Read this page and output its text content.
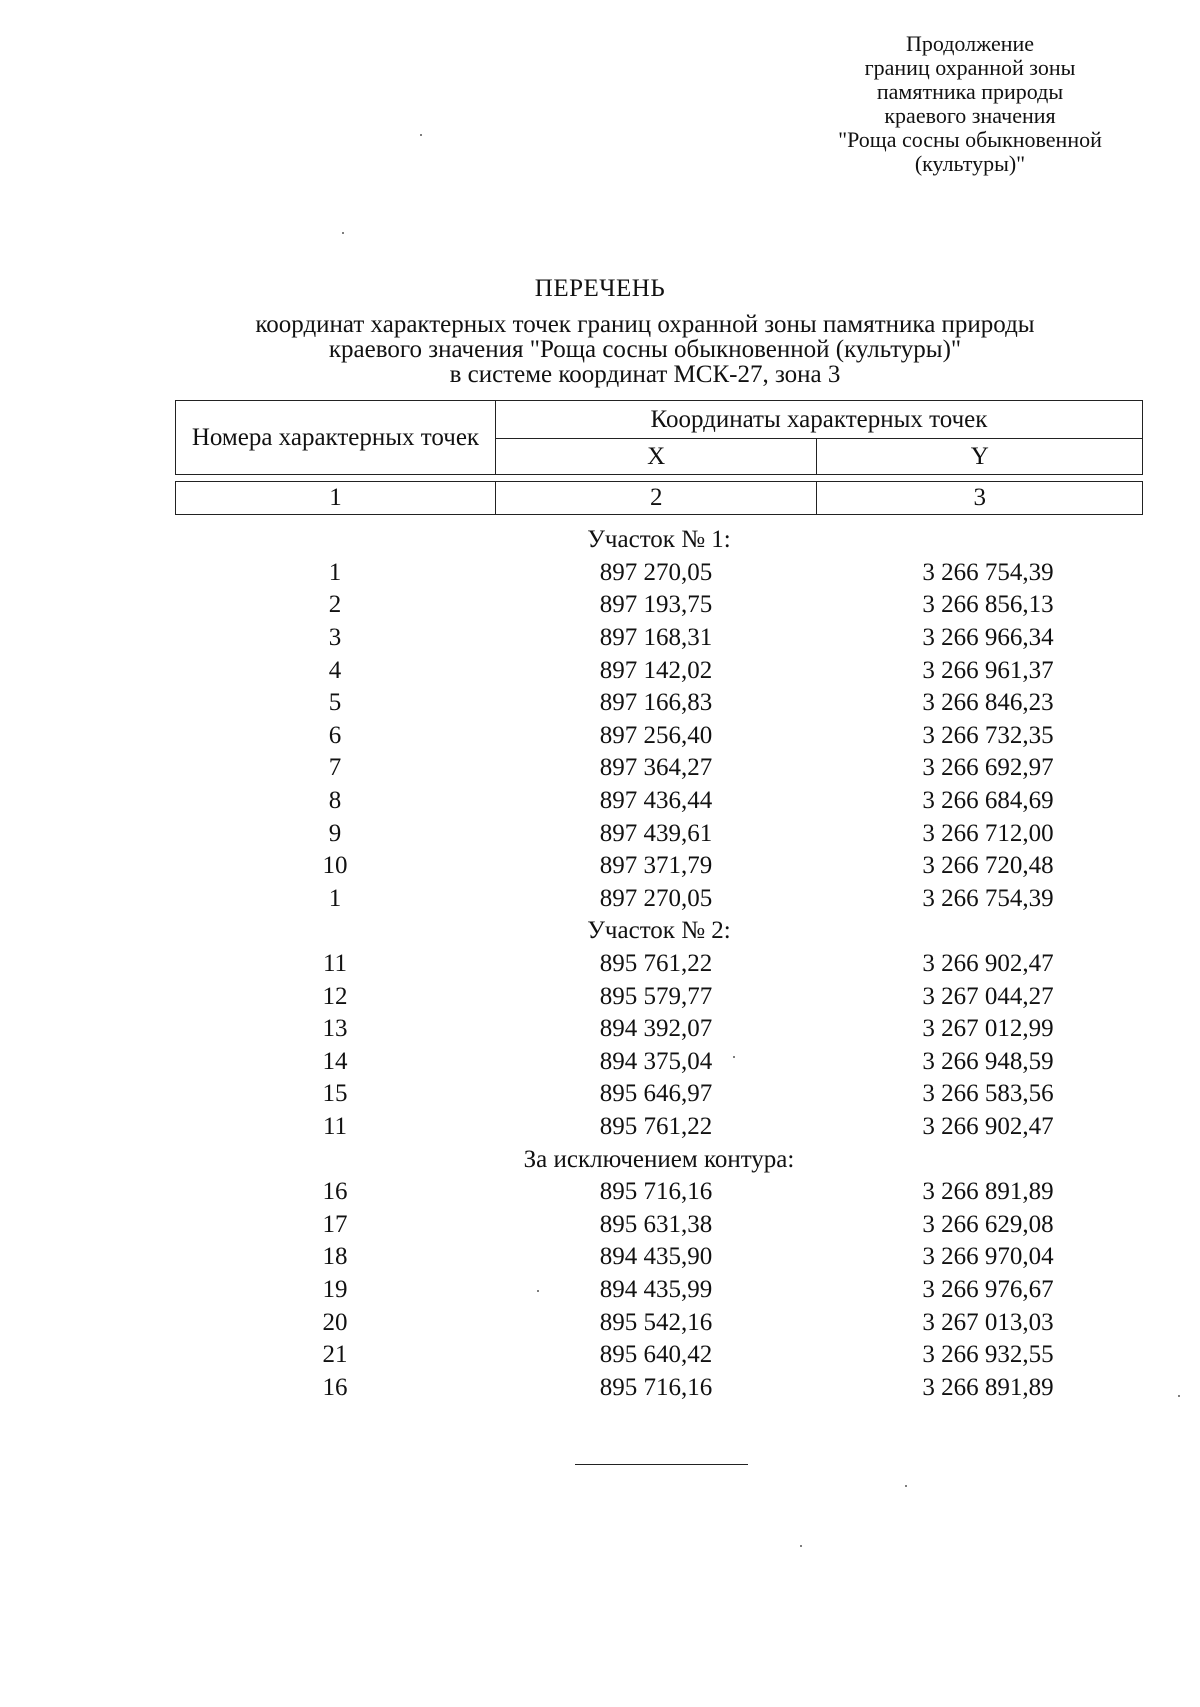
Продолжение
границ охранной зоны
памятника природы
краевого значения
"Роща сосны обыкновенной
(культуры)"
ПЕРЕЧЕНЬ
координат характерных точек границ охранной зоны памятника природы
краевого значения "Роща сосны обыкновенной (культуры)"
в системе координат МСК-27, зона 3
Номера характерных точек	Координаты характерных точек	
	X	Y

1	2	3
Участок № 1:
1	897 270,05	3 266 754,39
2	897 193,75	3 266 856,13
3	897 168,31	3 266 966,34
4	897 142,02	3 266 961,37
5	897 166,83	3 266 846,23
6	897 256,40	3 266 732,35
7	897 364,27	3 266 692,97
8	897 436,44	3 266 684,69
9	897 439,61	3 266 712,00
10	897 371,79	3 266 720,48
1	897 270,05	3 266 754,39
Участок № 2:
11	895 761,22	3 266 902,47
12	895 579,77	3 267 044,27
13	894 392,07	3 267 012,99
14	894 375,04	3 266 948,59
15	895 646,97	3 266 583,56
11	895 761,22	3 266 902,47
За исключением контура:
16	895 716,16	3 266 891,89
17	895 631,38	3 266 629,08
18	894 435,90	3 266 970,04
19	894 435,99	3 266 976,67
20	895 542,16	3 267 013,03
21	895 640,42	3 266 932,55
16	895 716,16	3 266 891,89
